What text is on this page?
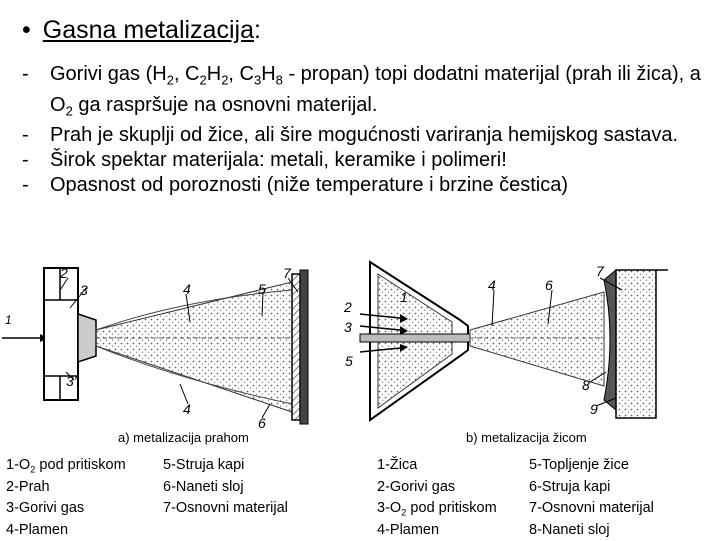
• Gasna metalizacija:
- Gorivi gas ($H_2$, $C_2H_2$, $C_3H_8$ - propan) topi dodatni materijal (prah ili žica), a $O_2$ ga raspršuje na osnovni materijal.
- Prah je skuplji od žice, ali šire mogućnosti variranja hemijskog sastava.
- Širok spektar materijala: metali, keramike i polimeri!
- Opasnost od poroznosti (niže temperature i brzine čestica)
1
2
3
3'
4	5
6
7
4
1
2
3
4
5
6
7
8
9
a) metalizacija prahom	b) metalizacija žicom
$1-O_2$ pod pritiskom
2-Prah
3-Gorivi gas
4-Plamen
5-Struja kapi
6-Naneti sloj
7-Osnovni materijal
1-Žica
2-Gorivi gas
$3-O_2$ pod pritiskom
4-Plamen
5-Topljenje žice
6-Struja kapi
7-Osnovni materijal
8-Naneti sloj
